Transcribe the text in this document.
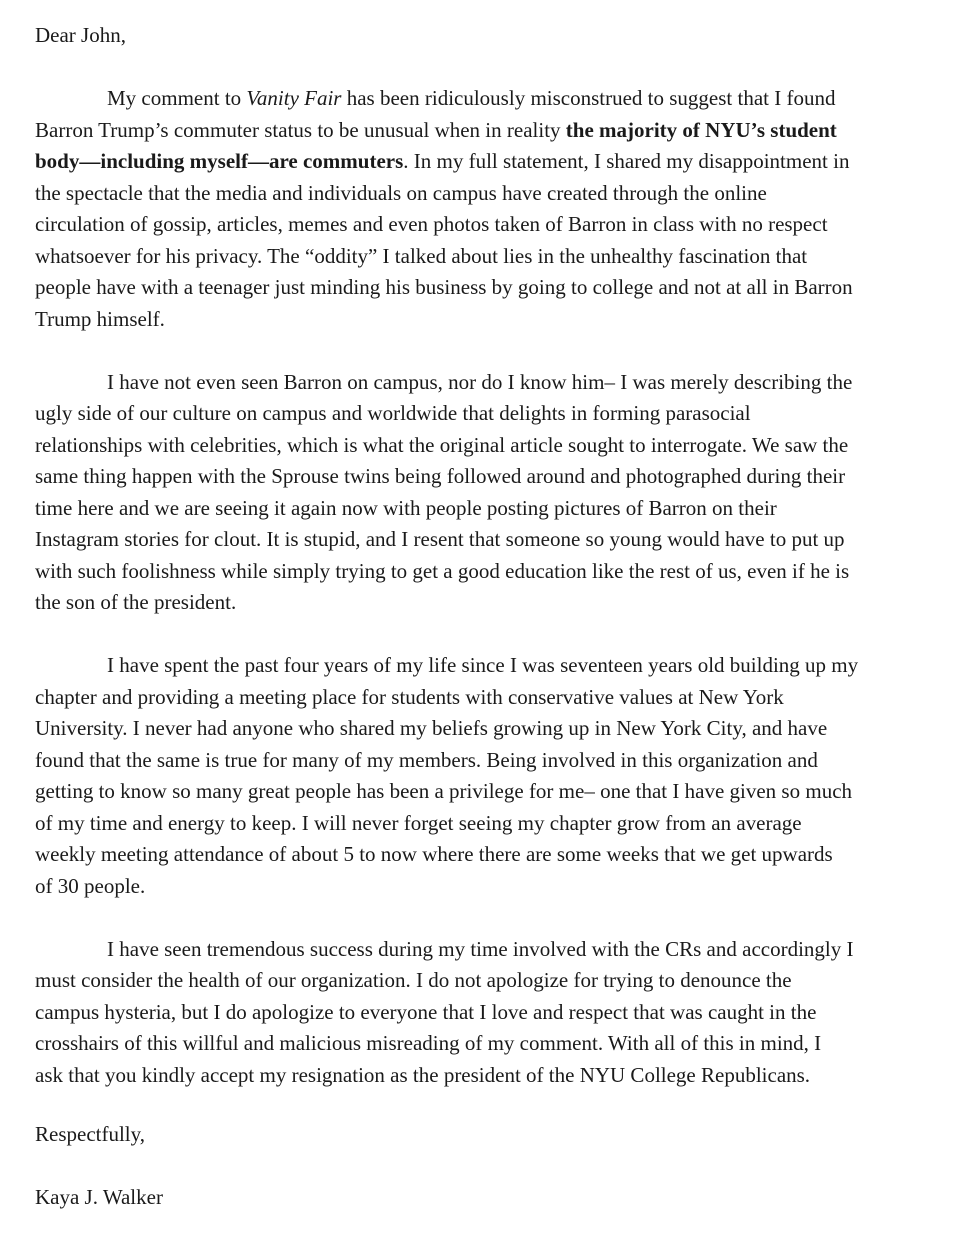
Dear John,
My comment to Vanity Fair has been ridiculously misconstrued to suggest that I found
Barron Trump’s commuter status to be unusual when in reality the majority of NYU’s student
body—including myself—are commuters. In my full statement, I shared my disappointment in
the spectacle that the media and individuals on campus have created through the online
circulation of gossip, articles, memes and even photos taken of Barron in class with no respect
whatsoever for his privacy. The “oddity” I talked about lies in the unhealthy fascination that
people have with a teenager just minding his business by going to college and not at all in Barron
Trump himself.
I have not even seen Barron on campus, nor do I know him– I was merely describing the
ugly side of our culture on campus and worldwide that delights in forming parasocial
relationships with celebrities, which is what the original article sought to interrogate. We saw the
same thing happen with the Sprouse twins being followed around and photographed during their
time here and we are seeing it again now with people posting pictures of Barron on their
Instagram stories for clout. It is stupid, and I resent that someone so young would have to put up
with such foolishness while simply trying to get a good education like the rest of us, even if he is
the son of the president.
I have spent the past four years of my life since I was seventeen years old building up my
chapter and providing a meeting place for students with conservative values at New York
University. I never had anyone who shared my beliefs growing up in New York City, and have
found that the same is true for many of my members. Being involved in this organization and
getting to know so many great people has been a privilege for me– one that I have given so much
of my time and energy to keep. I will never forget seeing my chapter grow from an average
weekly meeting attendance of about 5 to now where there are some weeks that we get upwards
of 30 people.
I have seen tremendous success during my time involved with the CRs and accordingly I
must consider the health of our organization. I do not apologize for trying to denounce the
campus hysteria, but I do apologize to everyone that I love and respect that was caught in the
crosshairs of this willful and malicious misreading of my comment. With all of this in mind, I
ask that you kindly accept my resignation as the president of the NYU College Republicans.
Respectfully,
Kaya J. Walker
